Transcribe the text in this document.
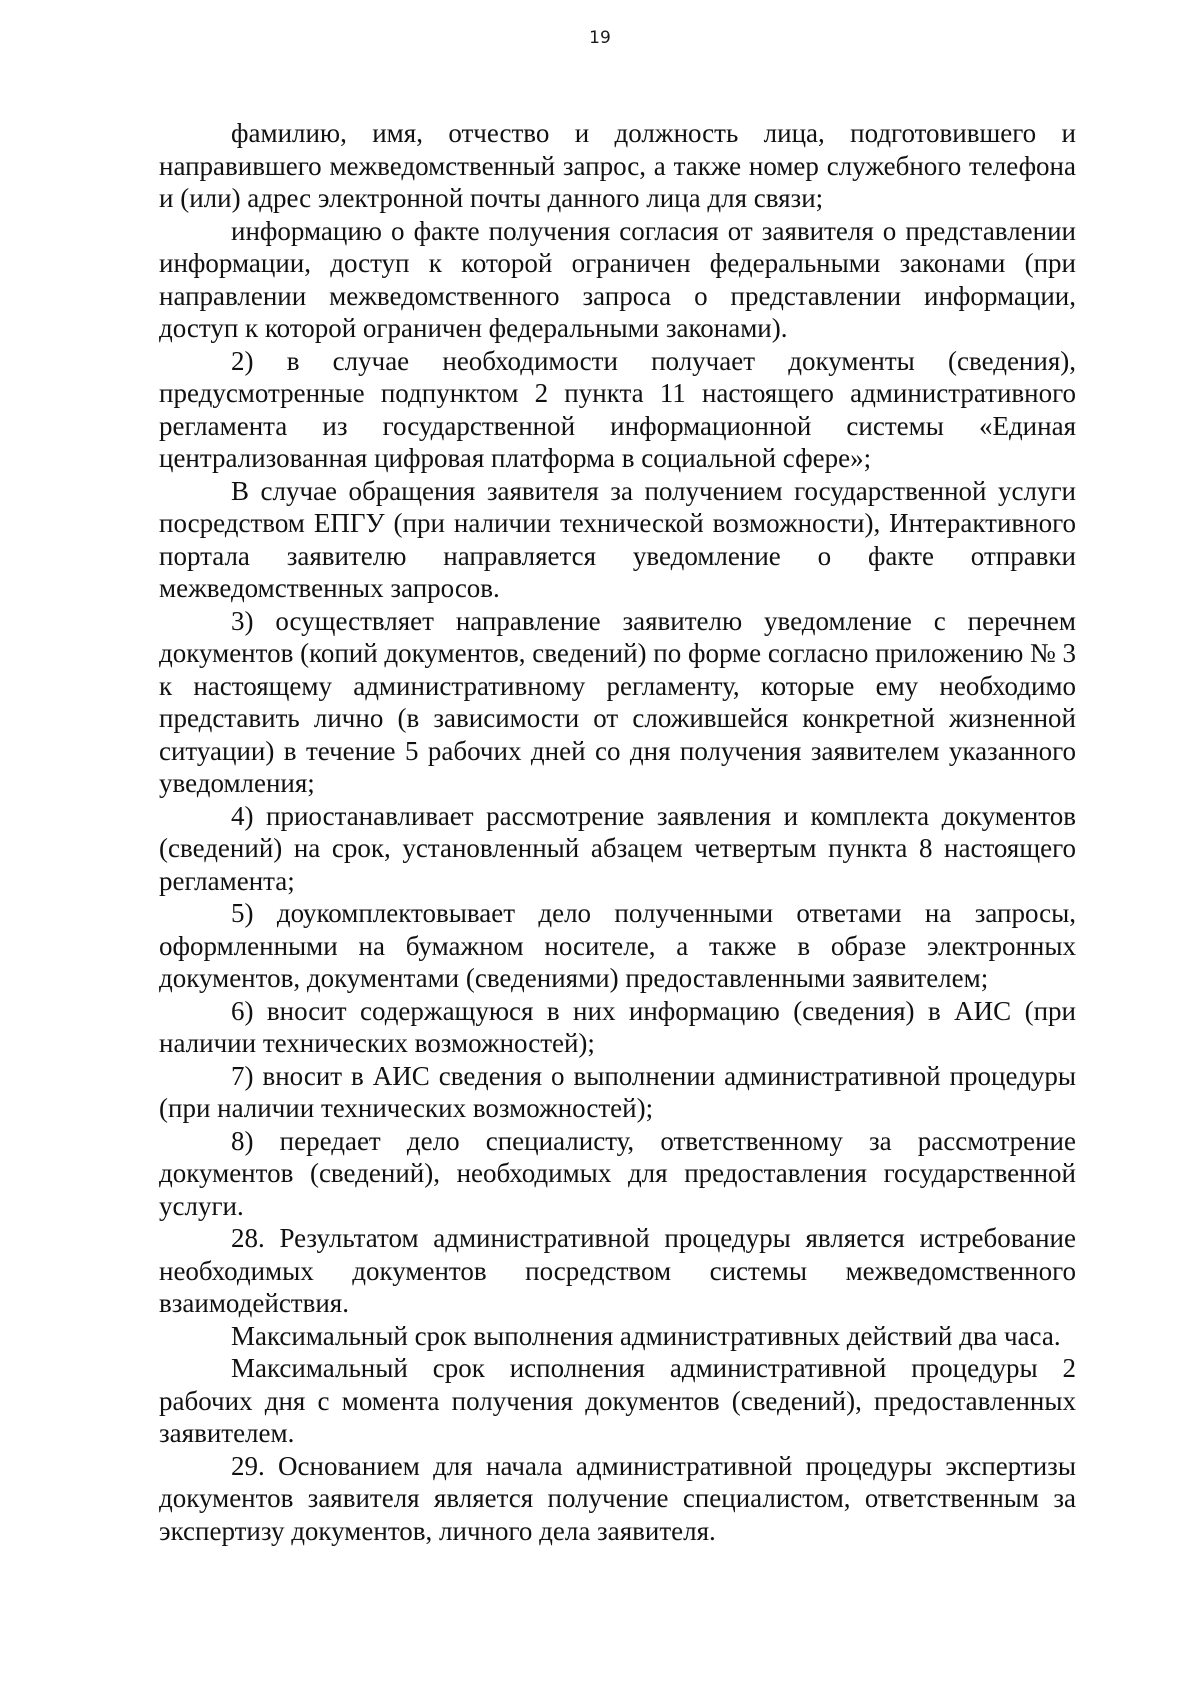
19

фамилию, имя, отчество и должность лица, подготовившего и направившего межведомственный запрос, а также номер служебного телефона и (или) адрес электронной почты данного лица для связи;

информацию о факте получения согласия от заявителя о представлении информации, доступ к которой ограничен федеральными законами (при направлении межведомственного запроса о представлении информации, доступ к которой ограничен федеральными законами).

2) в случае необходимости получает документы (сведения), предусмотренные подпунктом 2 пункта 11 настоящего административного регламента из государственной информационной системы «Единая централизованная цифровая платформа в социальной сфере»;

В случае обращения заявителя за получением государственной услуги посредством ЕПГУ (при наличии технической возможности), Интерактивного портала заявителю направляется уведомление о факте отправки межведомственных запросов.

3) осуществляет направление заявителю уведомление с перечнем документов (копий документов, сведений) по форме согласно приложению № 3 к настоящему административному регламенту, которые ему необходимо представить лично (в зависимости от сложившейся конкретной жизненной ситуации) в течение 5 рабочих дней со дня получения заявителем указанного уведомления;

4) приостанавливает рассмотрение заявления и комплекта документов (сведений) на срок, установленный абзацем четвертым пункта 8 настоящего регламента;

5) доукомплектовывает дело полученными ответами на запросы, оформленными на бумажном носителе, а также в образе электронных документов, документами (сведениями) предоставленными заявителем;

6) вносит содержащуюся в них информацию (сведения) в АИС (при наличии технических возможностей);

7) вносит в АИС сведения о выполнении административной процедуры (при наличии технических возможностей);

8) передает дело специалисту, ответственному за рассмотрение документов (сведений), необходимых для предоставления государственной услуги.

28. Результатом административной процедуры является истребование необходимых документов посредством системы межведомственного взаимодействия.

Максимальный срок выполнения административных действий два часа.

Максимальный срок исполнения административной процедуры 2 рабочих дня с момента получения документов (сведений), предоставленных заявителем.

29. Основанием для начала административной процедуры экспертизы документов заявителя является получение специалистом, ответственным за экспертизу документов, личного дела заявителя.
